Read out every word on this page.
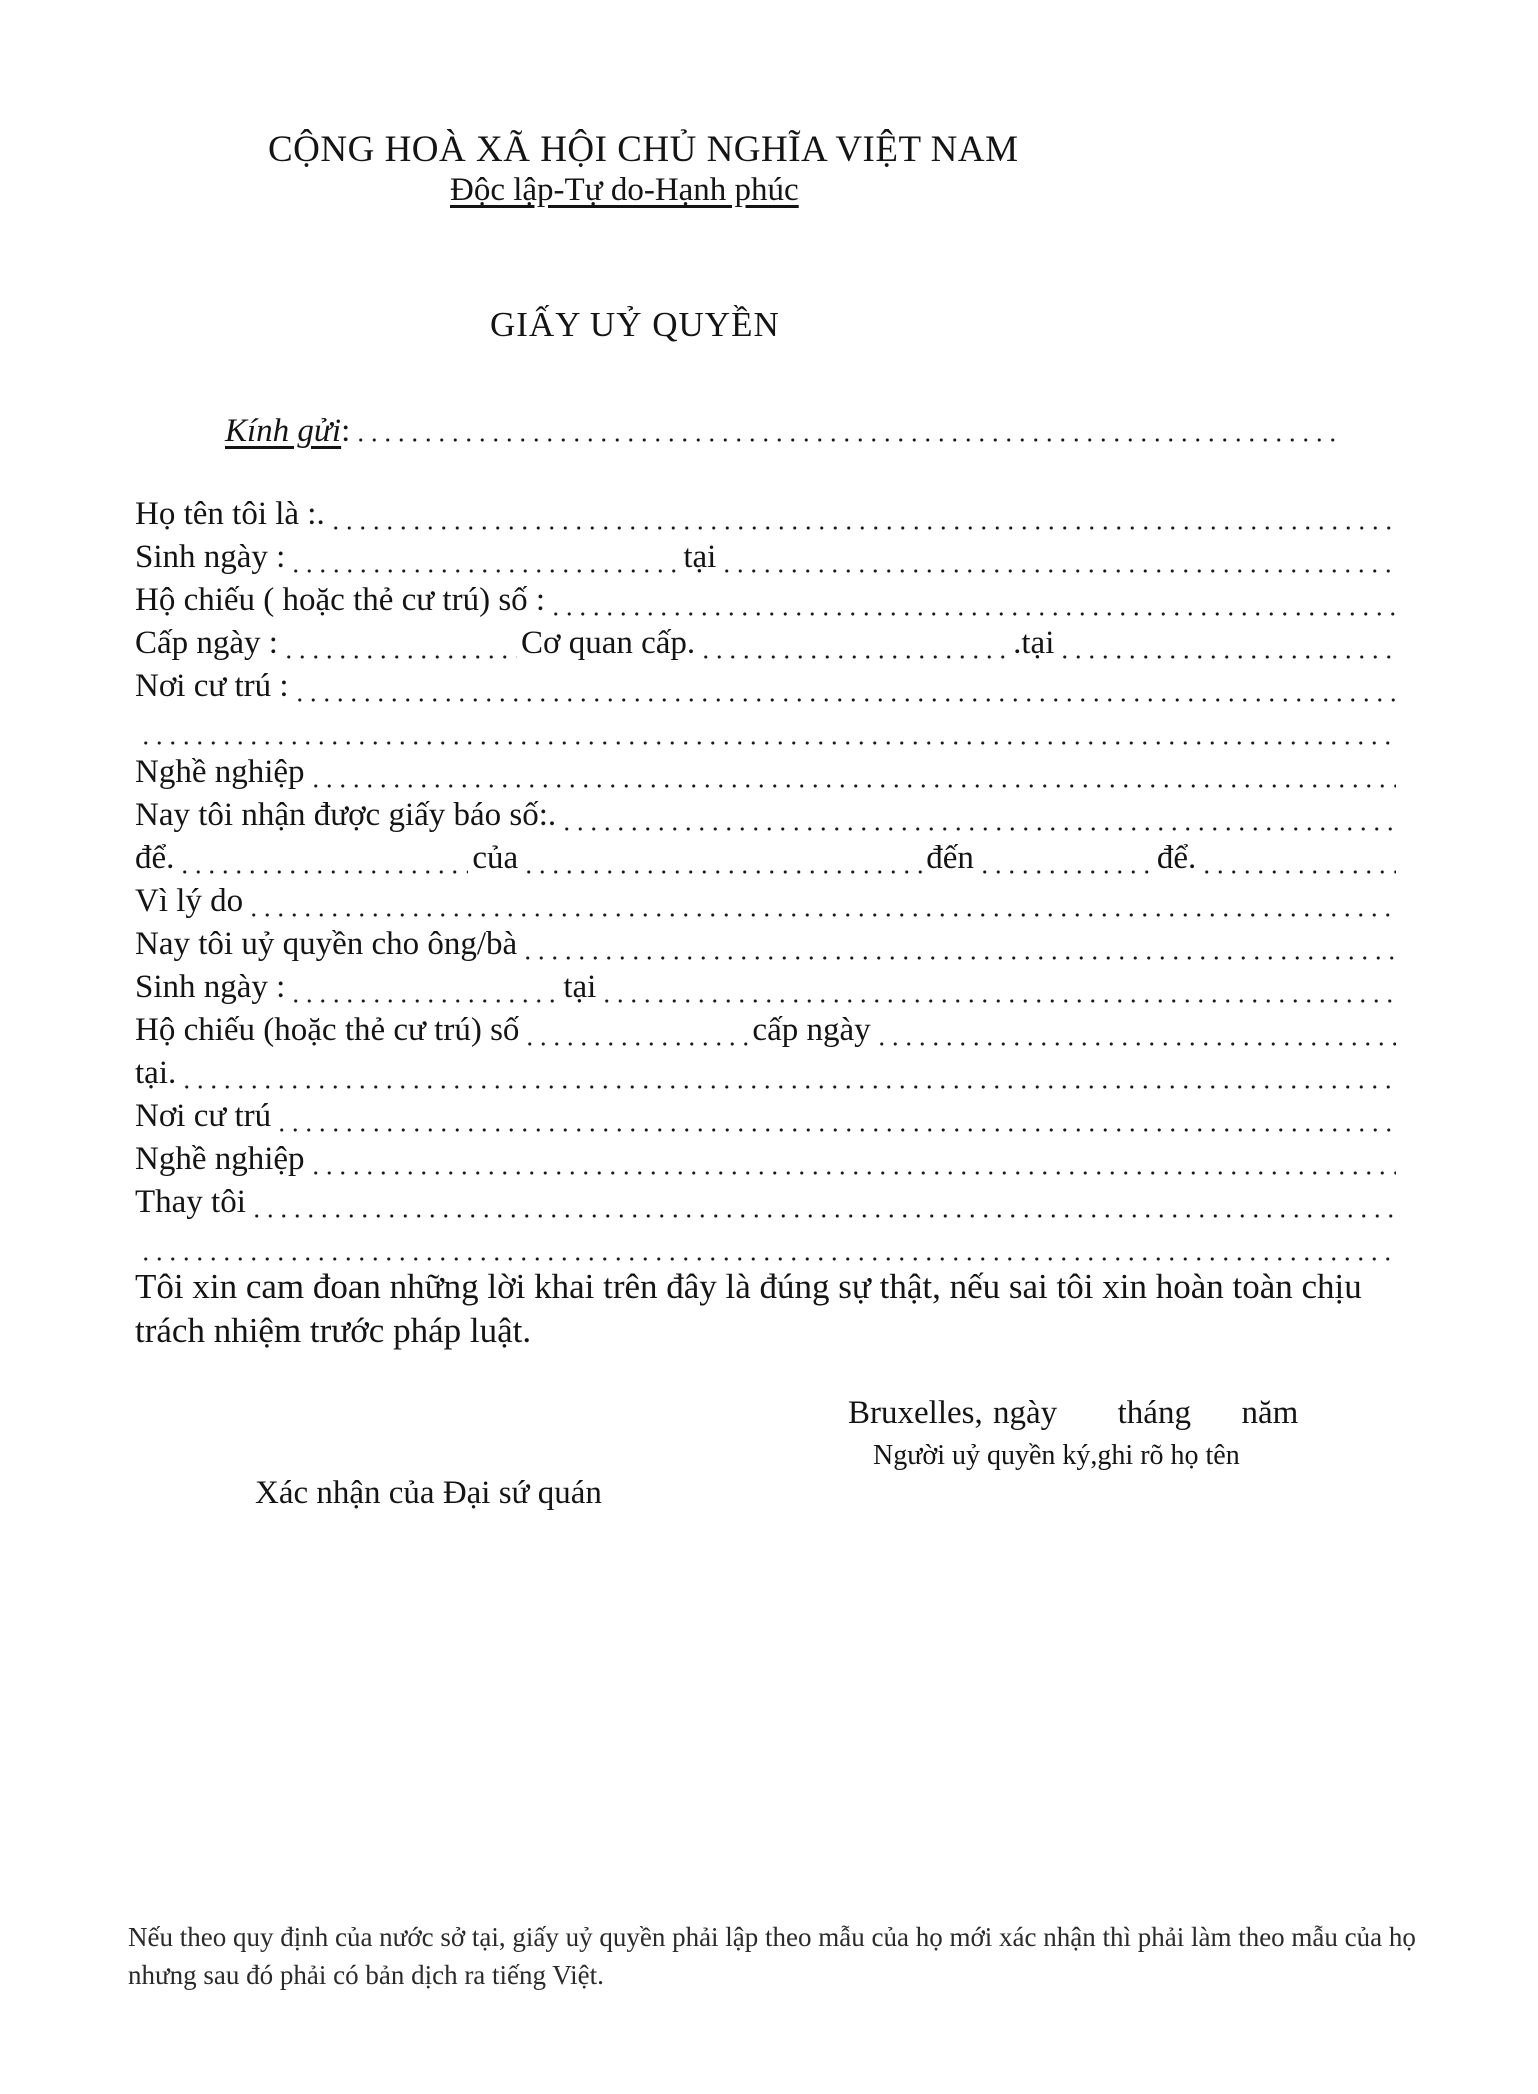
CỘNG HOÀ XÃ HỘI CHỦ NGHĨA VIỆT NAM
Độc lập-Tự do-Hạnh phúc
GIẤY UỶ QUYỀN
Kính gửi :
Họ tên tôi là :.
Sinh ngày :	tại
Hộ chiếu ( hoặc thẻ cư trú) số :
Cấp ngày :	Cơ quan cấp.	.tại
Nơi cư trú :
Nghề nghiệp
Nay tôi nhận được giấy báo số:.
để.	của	đến	để.
Vì lý do
Nay tôi uỷ quyền cho ông/bà
Sinh ngày :	tại
Hộ chiếu (hoặc thẻ cư trú) số	cấp ngày
tại.
Nơi cư trú
Nghề nghiệp
Thay tôi
Tôi xin cam đoan những lời khai trên đây là đúng sự thật, nếu sai tôi xin hoàn toàn chịu trách nhiệm trước pháp luật.
Bruxelles, ngày tháng năm
Người uỷ quyền ký,ghi rõ họ tên
Xác nhận của Đại sứ quán
Nếu theo quy định của nước sở tại, giấy uỷ quyền phải lập theo mẫu của họ mới xác nhận thì phải làm theo mẫu của họ nhưng sau đó phải có bản dịch ra tiếng Việt.
